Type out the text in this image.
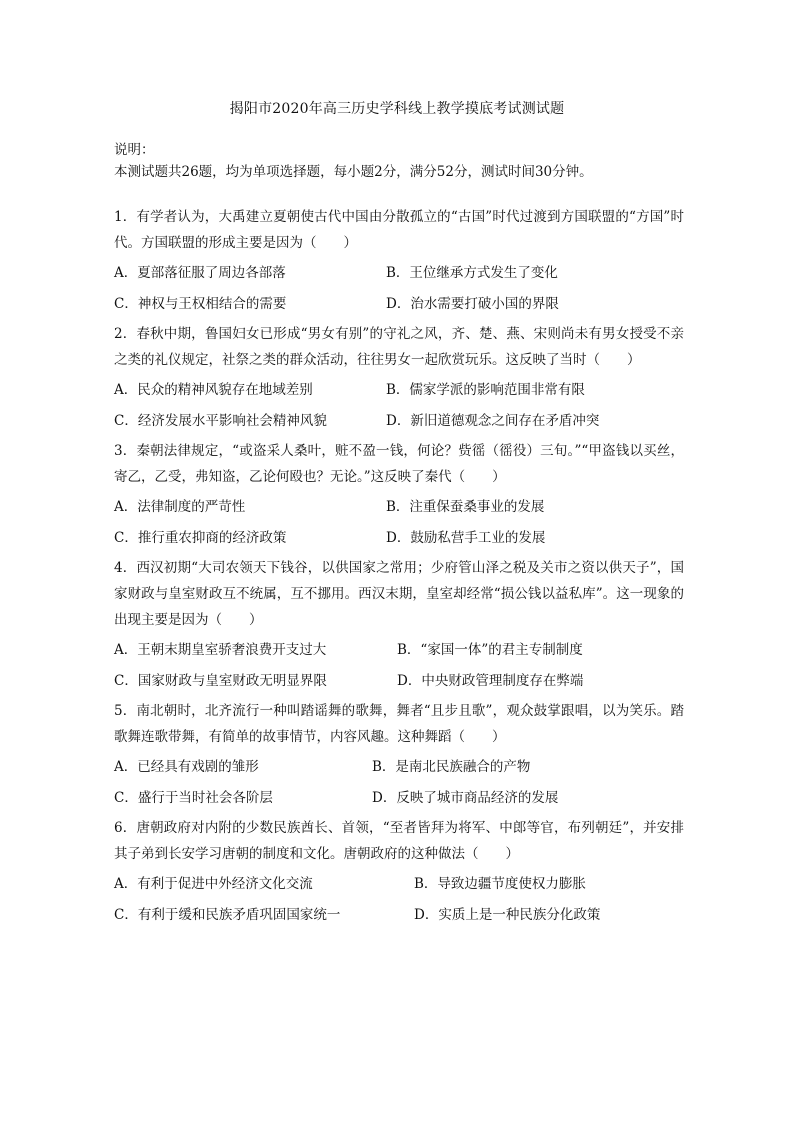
揭阳市2020年高三历史学科线上教学摸底考试测试题
说明：
本测试题共26题，均为单项选择题，每小题2分，满分52分，测试时间30分钟。

1．有学者认为，大禹建立夏朝使古代中国由分散孤立的“古国”时代过渡到方国联盟的“方国”时代。方国联盟的形成主要是因为（　　）

A．夏部落征服了周边各部落	B．王位继承方式发生了变化
C．神权与王权相结合的需要	D．治水需要打破小国的界限

2．春秋中期，鲁国妇女已形成“男女有别”的守礼之风，齐、楚、燕、宋则尚未有男女授受不亲之类的礼仪规定，社祭之类的群众活动，往往男女一起欣赏玩乐。这反映了当时（　　）

A．民众的精神风貌存在地域差别	B．儒家学派的影响范围非常有限
C．经济发展水平影响社会精神风貌	D．新旧道德观念之间存在矛盾冲突

3．秦朝法律规定，“或盗采人桑叶，赃不盈一钱，何论？赀徭（徭役）三旬。”“甲盗钱以买丝，寄乙，乙受，弗知盗，乙论何殴也？无论。”这反映了秦代（　　）

A．法律制度的严苛性	B．注重保蚕桑事业的发展
C．推行重农抑商的经济政策	D．鼓励私营手工业的发展

4．西汉初期“大司农领天下钱谷，以供国家之常用；少府管山泽之税及关市之资以供天子”，国家财政与皇室财政互不统属，互不挪用。西汉末期，皇室却经常“损公钱以益私库”。这一现象的出现主要是因为（　　）

A．王朝末期皇室骄奢浪费开支过大	B．“家国一体”的君主专制制度
C．国家财政与皇室财政无明显界限	D．中央财政管理制度存在弊端

5．南北朝时，北齐流行一种叫踏谣舞的歌舞，舞者“且步且歌”，观众鼓掌跟唱，以为笑乐。踏歌舞连歌带舞，有简单的故事情节，内容风趣。这种舞蹈（　　）

A．已经具有戏剧的雏形	B．是南北民族融合的产物
C．盛行于当时社会各阶层	D．反映了城市商品经济的发展

6．唐朝政府对内附的少数民族酋长、首领，“至者皆拜为将军、中郎等官，布列朝廷”，并安排其子弟到长安学习唐朝的制度和文化。唐朝政府的这种做法（　　）

A．有利于促进中外经济文化交流	B．导致边疆节度使权力膨胀
C．有利于缓和民族矛盾巩固国家统一	D．实质上是一种民族分化政策
